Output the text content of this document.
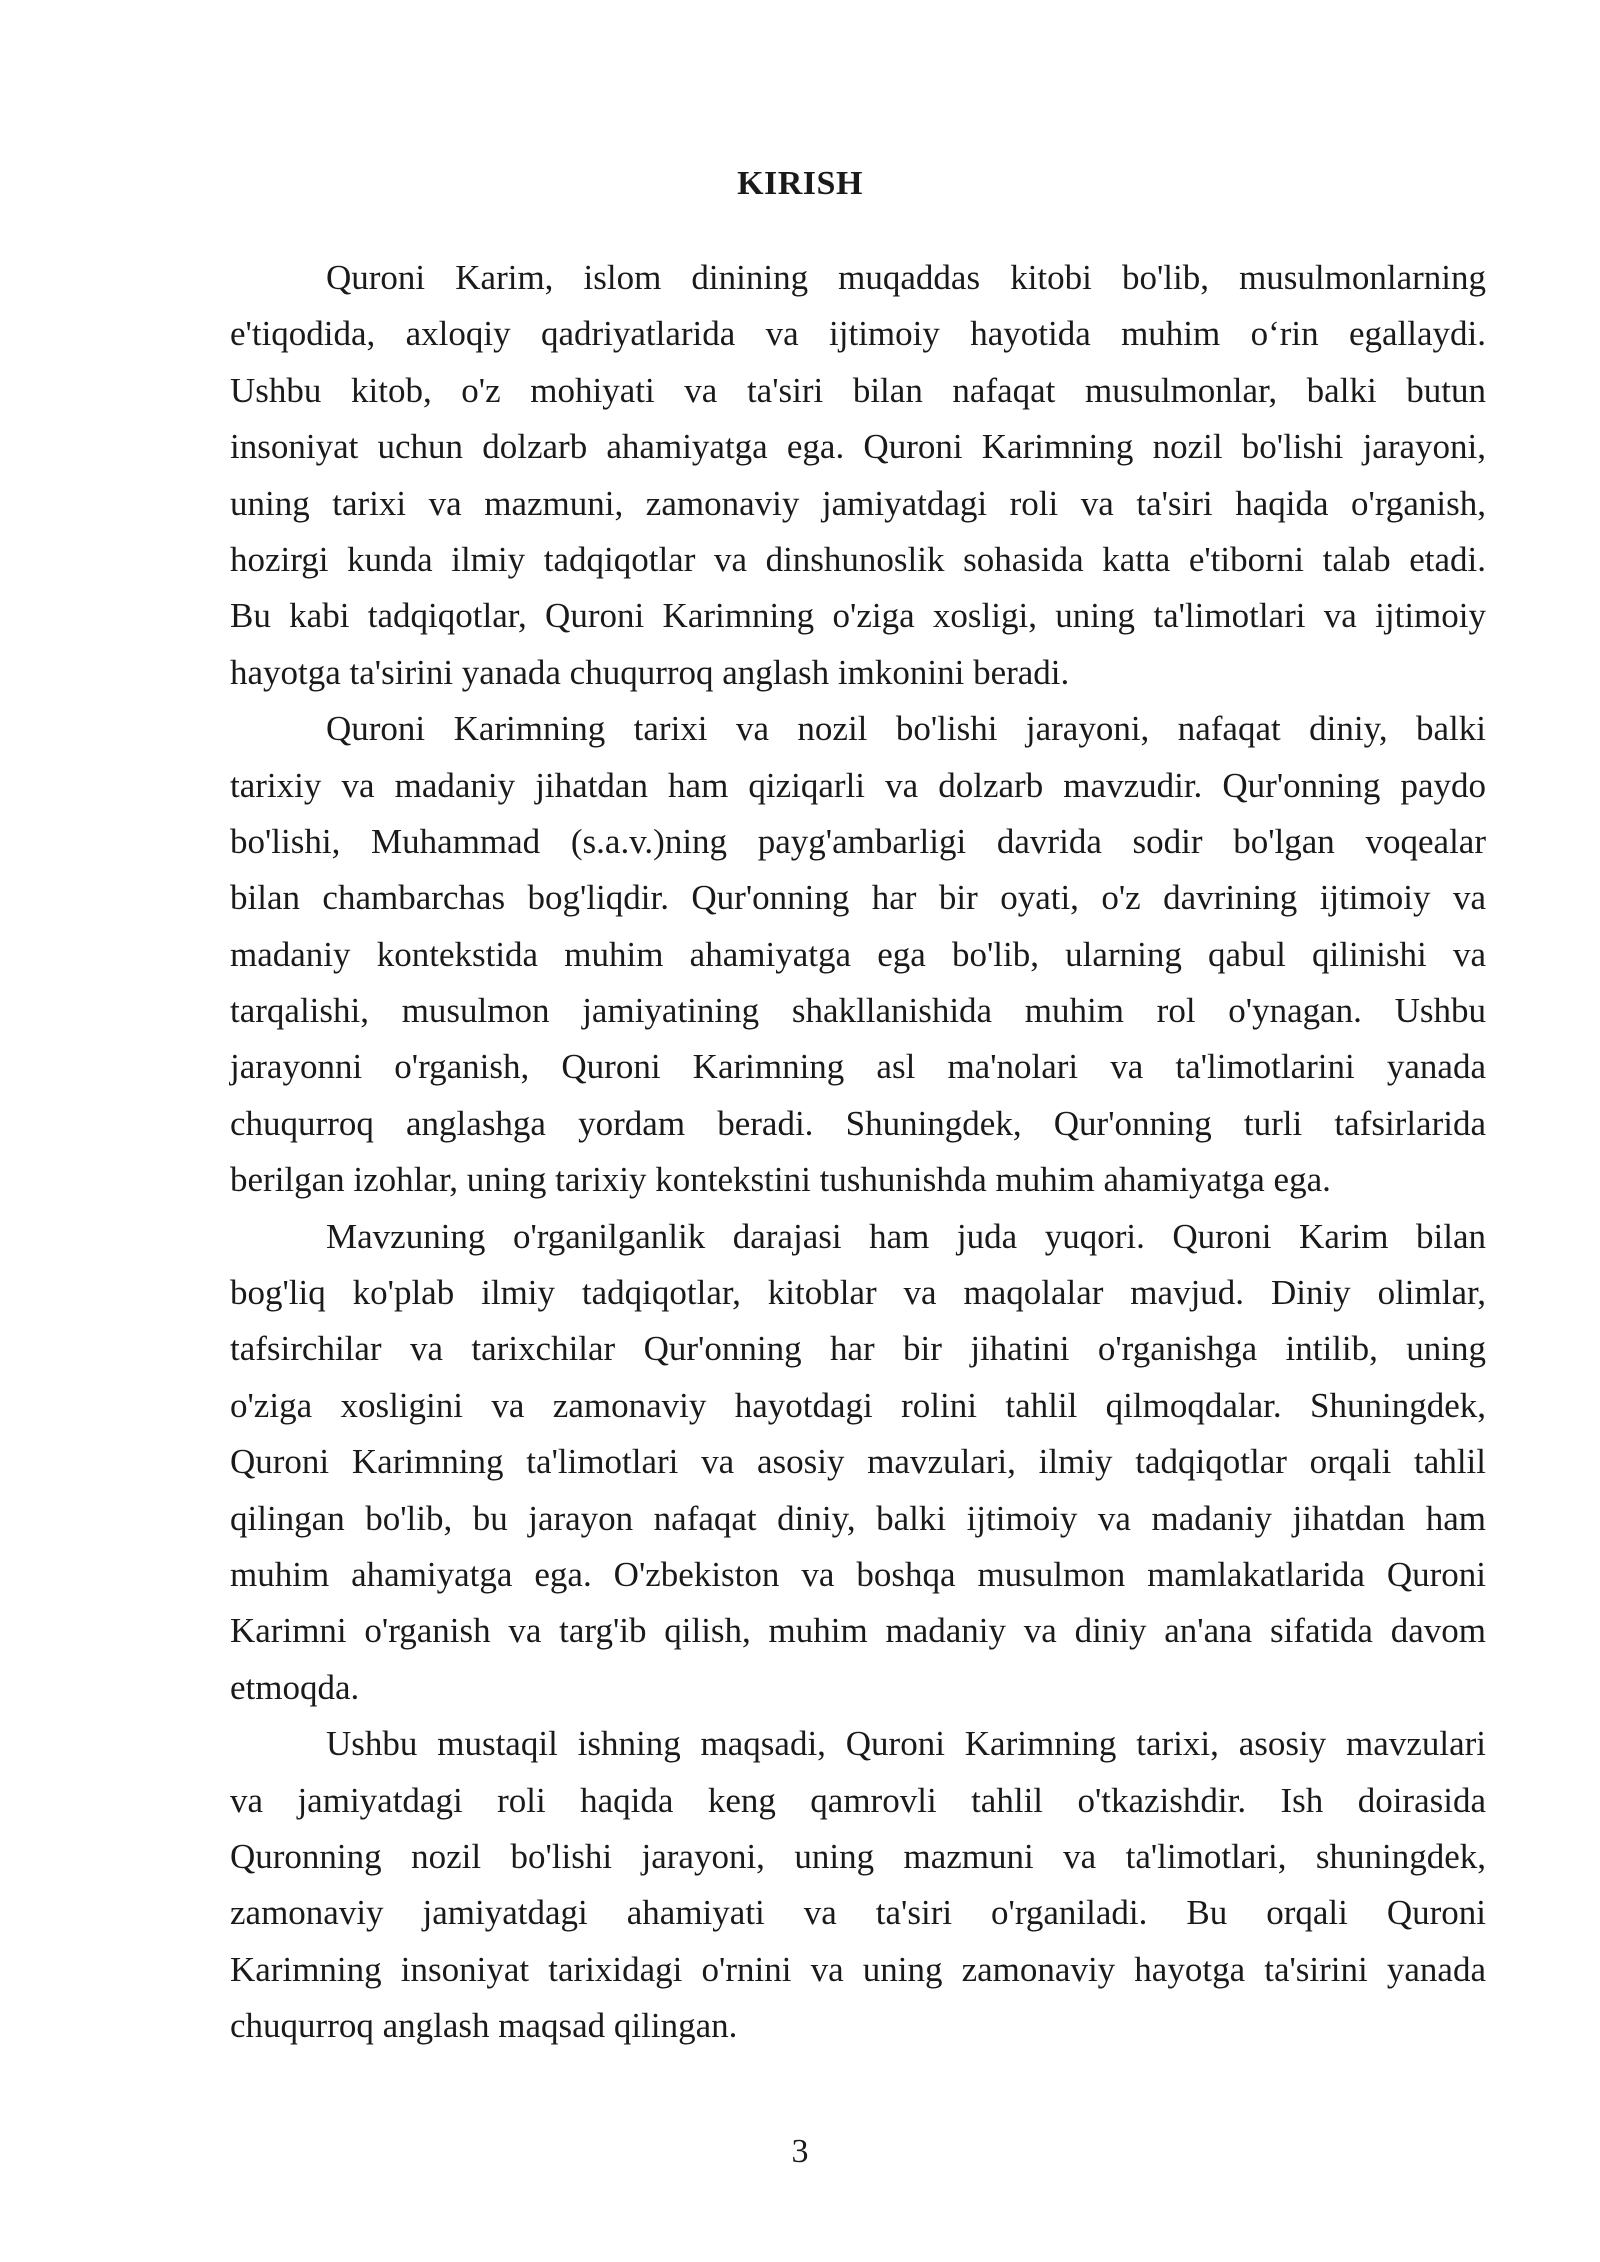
KIRISH
Quroni Karim, islom dinining muqaddas kitobi bo'lib, musulmonlarning
e'tiqodida, axloqiy qadriyatlarida va ijtimoiy hayotida muhim o‘rin egallaydi.
Ushbu kitob, o'z mohiyati va ta'siri bilan nafaqat musulmonlar, balki butun
insoniyat uchun dolzarb ahamiyatga ega. Quroni Karimning nozil bo'lishi jarayoni,
uning tarixi va mazmuni, zamonaviy jamiyatdagi roli va ta'siri haqida o'rganish,
hozirgi kunda ilmiy tadqiqotlar va dinshunoslik sohasida katta e'tiborni talab etadi.
Bu kabi tadqiqotlar, Quroni Karimning o'ziga xosligi, uning ta'limotlari va ijtimoiy
hayotga ta'sirini yanada chuqurroq anglash imkonini beradi.
Quroni Karimning tarixi va nozil bo'lishi jarayoni, nafaqat diniy, balki
tarixiy va madaniy jihatdan ham qiziqarli va dolzarb mavzudir. Qur'onning paydo
bo'lishi, Muhammad (s.a.v.)ning payg'ambarligi davrida sodir bo'lgan voqealar
bilan chambarchas bog'liqdir. Qur'onning har bir oyati, o'z davrining ijtimoiy va
madaniy kontekstida muhim ahamiyatga ega bo'lib, ularning qabul qilinishi va
tarqalishi, musulmon jamiyatining shakllanishida muhim rol o'ynagan. Ushbu
jarayonni o'rganish, Quroni Karimning asl ma'nolari va ta'limotlarini yanada
chuqurroq anglashga yordam beradi. Shuningdek, Qur'onning turli tafsirlarida
berilgan izohlar, uning tarixiy kontekstini tushunishda muhim ahamiyatga ega.
Mavzuning o'rganilganlik darajasi ham juda yuqori. Quroni Karim bilan
bog'liq ko'plab ilmiy tadqiqotlar, kitoblar va maqolalar mavjud. Diniy olimlar,
tafsirchilar va tarixchilar Qur'onning har bir jihatini o'rganishga intilib, uning
o'ziga xosligini va zamonaviy hayotdagi rolini tahlil qilmoqdalar. Shuningdek,
Quroni Karimning ta'limotlari va asosiy mavzulari, ilmiy tadqiqotlar orqali tahlil
qilingan bo'lib, bu jarayon nafaqat diniy, balki ijtimoiy va madaniy jihatdan ham
muhim ahamiyatga ega. O'zbekiston va boshqa musulmon mamlakatlarida Quroni
Karimni o'rganish va targ'ib qilish, muhim madaniy va diniy an'ana sifatida davom
etmoqda.
Ushbu mustaqil ishning maqsadi, Quroni Karimning tarixi, asosiy mavzulari
va jamiyatdagi roli haqida keng qamrovli tahlil o'tkazishdir. Ish doirasida
Quronning nozil bo'lishi jarayoni, uning mazmuni va ta'limotlari, shuningdek,
zamonaviy jamiyatdagi ahamiyati va ta'siri o'rganiladi. Bu orqali Quroni
Karimning insoniyat tarixidagi o'rnini va uning zamonaviy hayotga ta'sirini yanada
chuqurroq anglash maqsad qilingan.
3
